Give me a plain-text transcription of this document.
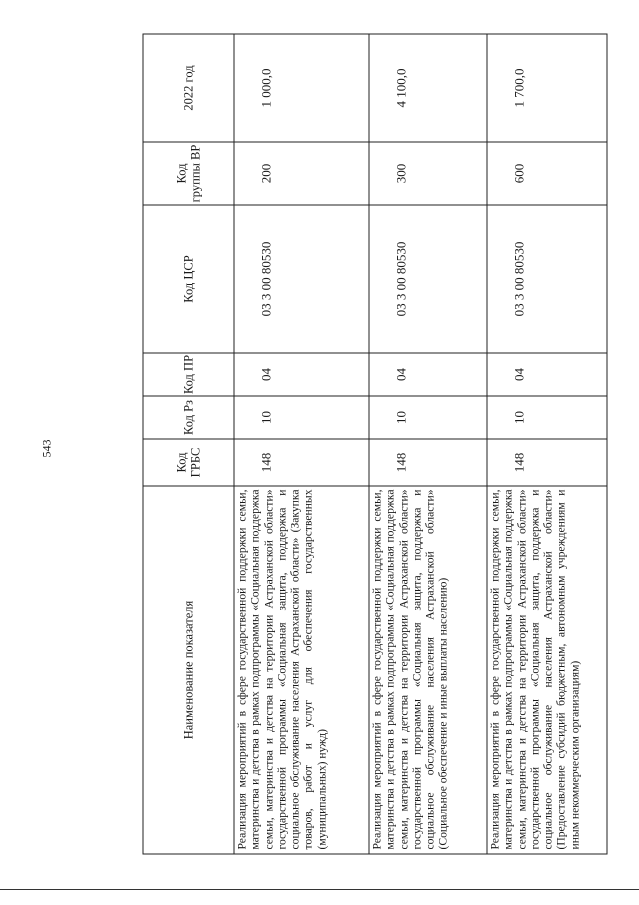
543
Наименование показателя	Код ГРБС	Код Рз	Код ПР	Код ЦСР	Код группы ВР	2022 год
Реализация мероприятий в сфере государственной поддержки семьи, материнства и детства в рамках подпрограммы «Социальная поддержка семьи, материнства и детства на территории Астраханской области» государственной программы «Социальная защита, поддержка и социальное обслуживание населения Астраханской области» (Закупка товаров, работ и услуг для обеспечения государственных (муниципальных) нужд)	148	10	04	03 3 00 80530	200	1 000,0
Реализация мероприятий в сфере государственной поддержки семьи, материнства и детства в рамках подпрограммы «Социальная поддержка семьи, материнства и детства на территории Астраханской области» государственной программы «Социальная защита, поддержка и социальное обслуживание населения Астраханской области» (Социальное обеспечение и иные выплаты населению)	148	10	04	03 3 00 80530	300	4 100,0
Реализация мероприятий в сфере государственной поддержки семьи, материнства и детства в рамках подпрограммы «Социальная поддержка семьи, материнства и детства на территории Астраханской области» государственной программы «Социальная защита, поддержка и социальное обслуживание населения Астраханской области» (Предоставление субсидий бюджетным, автономным учреждениям и иным некоммерческим организациям)	148	10	04	03 3 00 80530	600	1 700,0
